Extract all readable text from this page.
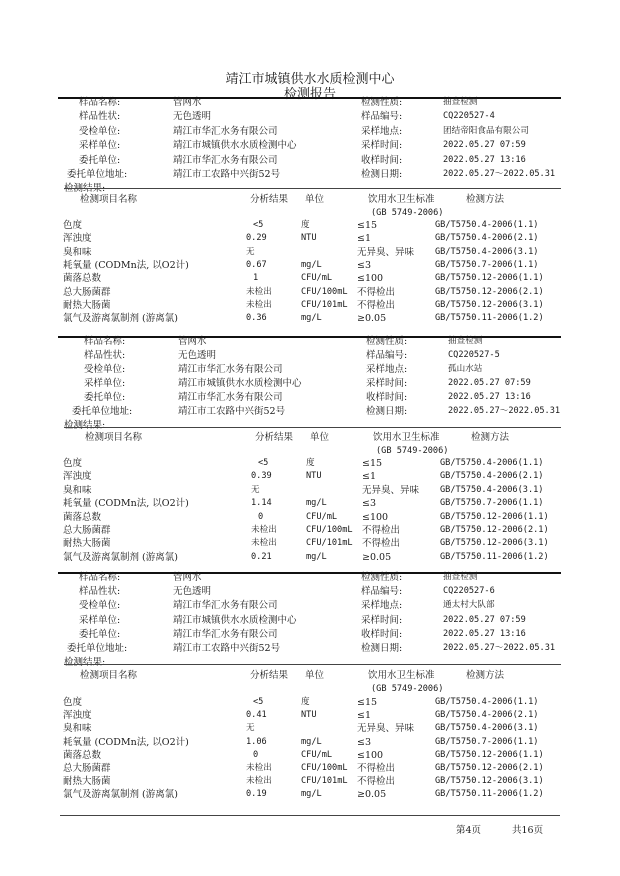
靖江市城镇供水水质检测中心
检测报告
样品名称:	管网水
样品性状:	无色透明
受检单位:	靖江市华汇水务有限公司
采样单位:	靖江市城镇供水水质检测中心
委托单位:	靖江市华汇水务有限公司
委托单位地址:	靖江市工农路中兴街52号
检测性质:	抽查检测
样品编号:	CQ220527-4
采样地点:	团结帝阳食品有限公司
采样时间:	2022.05.27 07:59
收样时间:	2022.05.27 13:16
检测日期:	2022.05.27～2022.05.31
检测结果:
检测项目名称	分析结果 单位	饮用水卫生标准
(GB 5749-2006)
检测方法
色度	<5	度	≤15	GB/T5750.4-2006(1.1)
浑浊度	0.29	NTU	≤1	GB/T5750.4-2006(2.1)
臭和味	无	无异臭、异味 GB/T5750.4-2006(3.1)
耗氧量 (CODMn法, 以O2计)	0.67	mg/L	≤3	GB/T5750.7-2006(1.1)
菌落总数	1	CFU/mL	≤100	GB/T5750.12-2006(1.1)
总大肠菌群	未检出	CFU/100mL 不得检出	GB/T5750.12-2006(2.1)
耐热大肠菌	未检出	CFU/101mL 不得检出	GB/T5750.12-2006(3.1)
氯气及游离氯制剂 (游离氯)	0.36	mg/L	≥0.05	GB/T5750.11-2006(1.2)
样品名称:	管网水
样品性状:	无色透明
受检单位:	靖江市华汇水务有限公司
采样单位:	靖江市城镇供水水质检测中心
委托单位:	靖江市华汇水务有限公司
委托单位地址:	靖江市工农路中兴街52号
检测性质:	抽查检测
样品编号:	CQ220527-5
采样地点:	孤山水站
采样时间:	2022.05.27 07:59
收样时间:	2022.05.27 13:16
检测日期:	2022.05.27～2022.05.31
检测结果:
检测项目名称	分析结果 单位	饮用水卫生标准
(GB 5749-2006)
检测方法
色度	<5	度	≤15	GB/T5750.4-2006(1.1)
浑浊度	0.39	NTU	≤1	GB/T5750.4-2006(2.1)
臭和味	无	无异臭、异味 GB/T5750.4-2006(3.1)
耗氧量 (CODMn法, 以O2计)	1.14	mg/L	≤3	GB/T5750.7-2006(1.1)
菌落总数	0	CFU/mL	≤100	GB/T5750.12-2006(1.1)
总大肠菌群	未检出	CFU/100mL 不得检出	GB/T5750.12-2006(2.1)
耐热大肠菌	未检出	CFU/101mL 不得检出	GB/T5750.12-2006(3.1)
氯气及游离氯制剂 (游离氯)	0.21	mg/L	≥0.05	GB/T5750.11-2006(1.2)
样品名称:	管网水
样品性状:	无色透明
受检单位:	靖江市华汇水务有限公司
采样单位:	靖江市城镇供水水质检测中心
委托单位:	靖江市华汇水务有限公司
委托单位地址:	靖江市工农路中兴街52号
检测性质:	抽查检测
样品编号:	CQ220527-6
采样地点:	通太村大队部
采样时间:	2022.05.27 07:59
收样时间:	2022.05.27 13:16
检测日期:	2022.05.27～2022.05.31
检测结果:
检测项目名称	分析结果 单位	饮用水卫生标准
(GB 5749-2006)
检测方法
色度	<5	度	≤15	GB/T5750.4-2006(1.1)
浑浊度	0.41	NTU	≤1	GB/T5750.4-2006(2.1)
臭和味	无	无异臭、异味 GB/T5750.4-2006(3.1)
耗氧量 (CODMn法, 以O2计)	1.06	mg/L	≤3	GB/T5750.7-2006(1.1)
菌落总数	0	CFU/mL	≤100	GB/T5750.12-2006(1.1)
总大肠菌群	未检出	CFU/100mL 不得检出	GB/T5750.12-2006(2.1)
耐热大肠菌	未检出	CFU/101mL 不得检出	GB/T5750.12-2006(3.1)
氯气及游离氯制剂 (游离氯)	0.19	mg/L	≥0.05	GB/T5750.11-2006(1.2)
第4页	共16页
